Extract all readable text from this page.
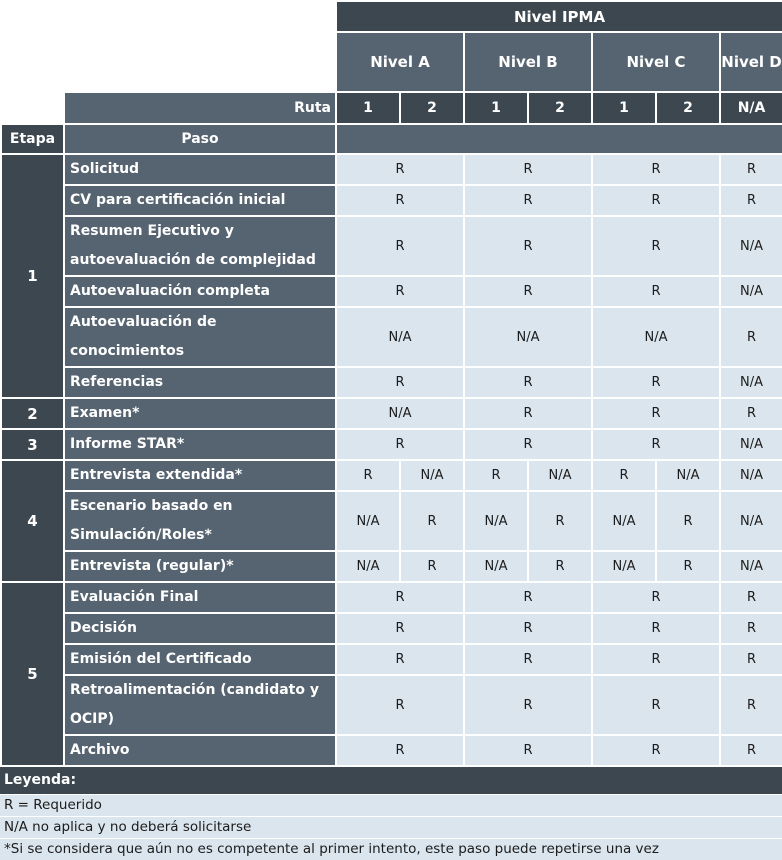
		Nivel IPMA						
		Nivel A		Nivel B		Nivel C		Nivel D
	Ruta	1	2	1	2	1	2	N/A
Etapa	Paso							
1	Solicitud	R		R		R		R
	CV para certificación inicial	R		R		R		R
	Resumen Ejecutivo y autoevaluación de complejidad	R		R		R		N/A
	Autoevaluación completa	R		R		R		N/A
	Autoevaluación de conocimientos	N/A		N/A		N/A		R
	Referencias	R		R		R		N/A
2	Examen*	N/A		R		R		R
3	Informe STAR*	R		R		R		N/A
4	Entrevista extendida*	R	N/A	R	N/A	R	N/A	N/A
	Escenario basado en Simulación/Roles*	N/A	R	N/A	R	N/A	R	N/A
	Entrevista (regular)*	N/A	R	N/A	R	N/A	R	N/A
5	Evaluación Final	R		R		R		R
	Decisión	R		R		R		R
	Emisión del Certificado	R		R		R		R
	Retroalimentación (candidato y OCIP)	R		R		R		R
	Archivo	R		R		R		R
Leyenda:
R = Requerido
N/A no aplica y no deberá solicitarse
*Si se considera que aún no es competente al primer intento, este paso puede repetirse una vez
